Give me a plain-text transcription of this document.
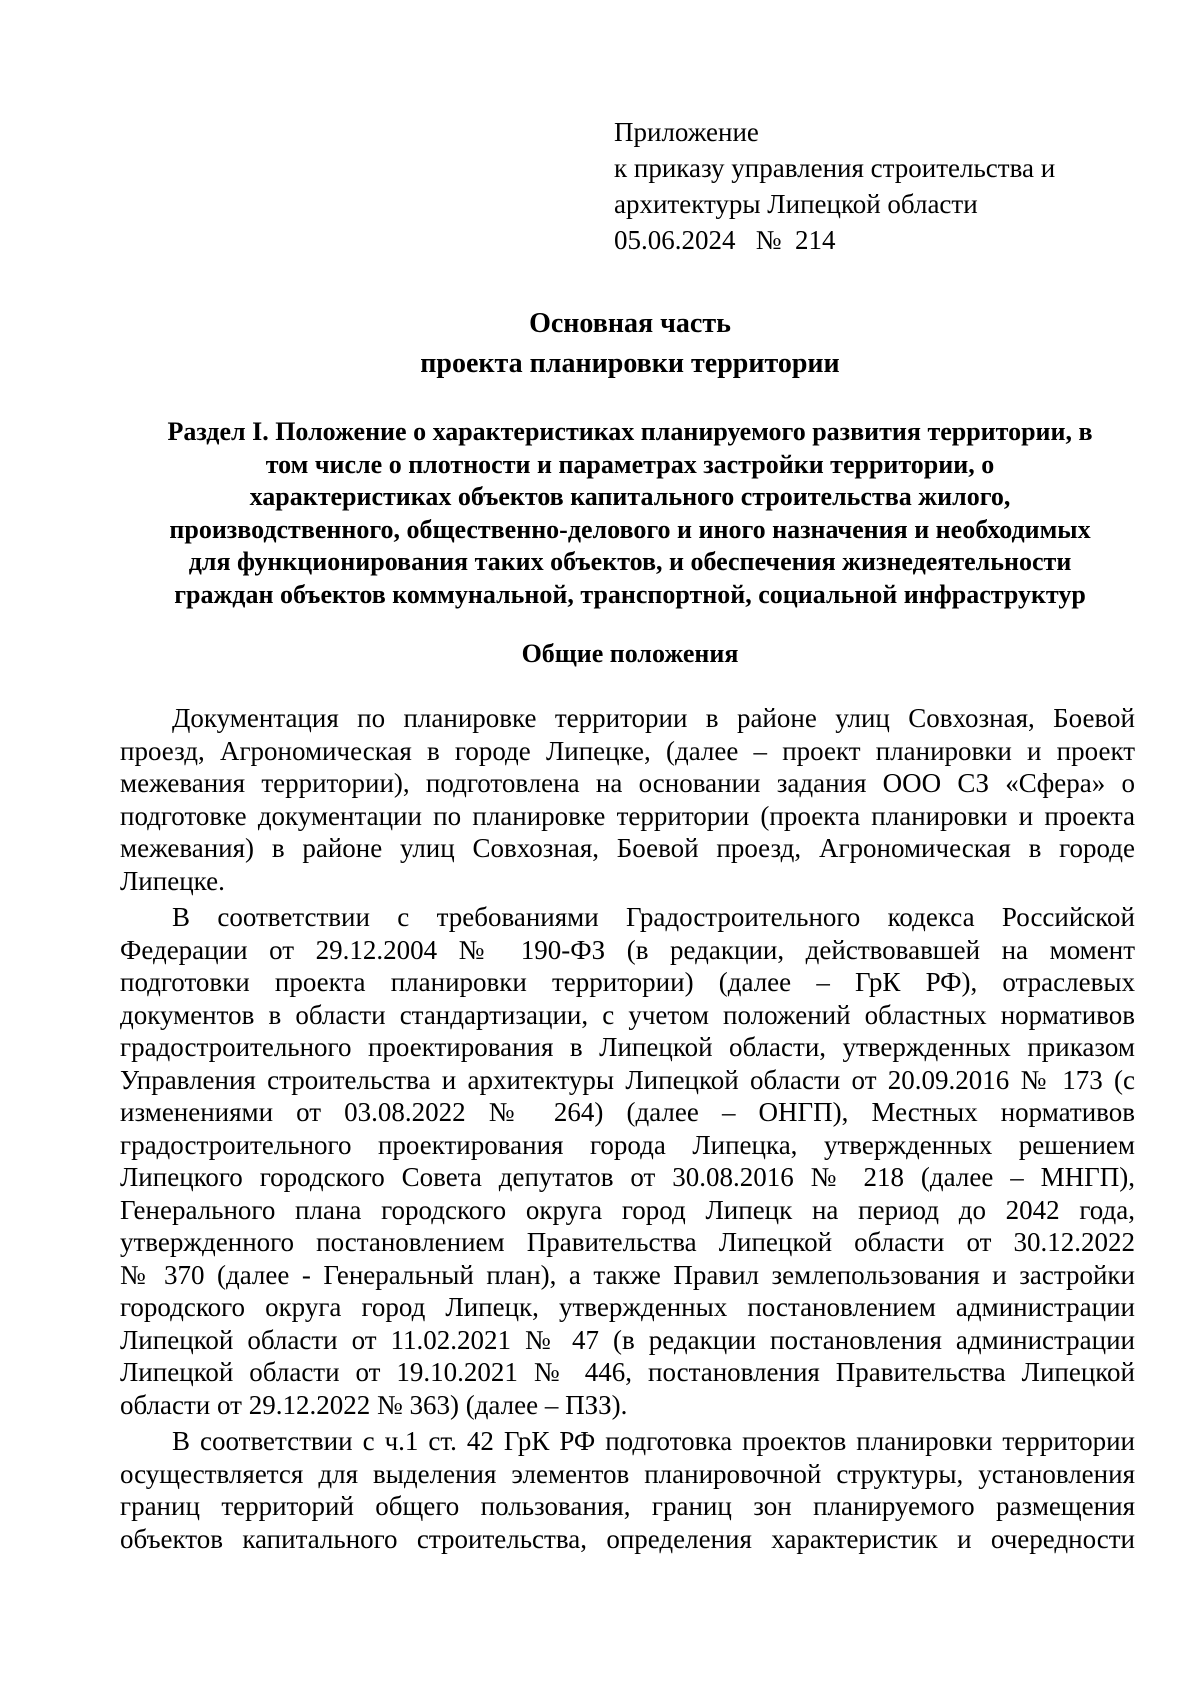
Приложение
к приказу управления строительства и
архитектуры Липецкой области
05.06.2024   №  214
Основная часть
проекта планировки территории
Раздел I. Положение о характеристиках планируемого развития территории, в
том числе о плотности и параметрах застройки территории, о
характеристиках объектов капитального строительства жилого,
производственного, общественно-делового и иного назначения и необходимых
для функционирования таких объектов, и обеспечения жизнедеятельности
граждан объектов коммунальной, транспортной, социальной инфраструктур
Общие положения
Документация по планировке территории в районе улиц Совхозная, Боевой
проезд, Агрономическая в городе Липецке, (далее – проект планировки и проект
межевания территории), подготовлена на основании задания ООО СЗ «Сфера» о
подготовке документации по планировке территории (проекта планировки и проекта
межевания) в районе улиц Совхозная, Боевой проезд, Агрономическая в городе
Липецке.
В соответствии с требованиями Градостроительного кодекса Российской
Федерации от 29.12.2004 № 190-ФЗ (в редакции, действовавшей на момент
подготовки проекта планировки территории) (далее – ГрК РФ), отраслевых
документов в области стандартизации, с учетом положений областных нормативов
градостроительного проектирования в Липецкой области, утвержденных приказом
Управления строительства и архитектуры Липецкой области от 20.09.2016 № 173 (с
изменениями от 03.08.2022 № 264) (далее – ОНГП), Местных нормативов
градостроительного проектирования города Липецка, утвержденных решением
Липецкого городского Совета депутатов от 30.08.2016 № 218 (далее – МНГП),
Генерального плана городского округа город Липецк на период до 2042 года,
утвержденного постановлением Правительства Липецкой области от 30.12.2022
№ 370 (далее - Генеральный план), а также Правил землепользования и застройки
городского округа город Липецк, утвержденных постановлением администрации
Липецкой области от 11.02.2021 № 47 (в редакции постановления администрации
Липецкой области от 19.10.2021 № 446, постановления Правительства Липецкой
области от 29.12.2022 № 363) (далее – ПЗЗ).
В соответствии с ч.1 ст. 42 ГрК РФ подготовка проектов планировки территории
осуществляется для выделения элементов планировочной структуры, установления
границ территорий общего пользования, границ зон планируемого размещения
объектов капитального строительства, определения характеристик и очередности
